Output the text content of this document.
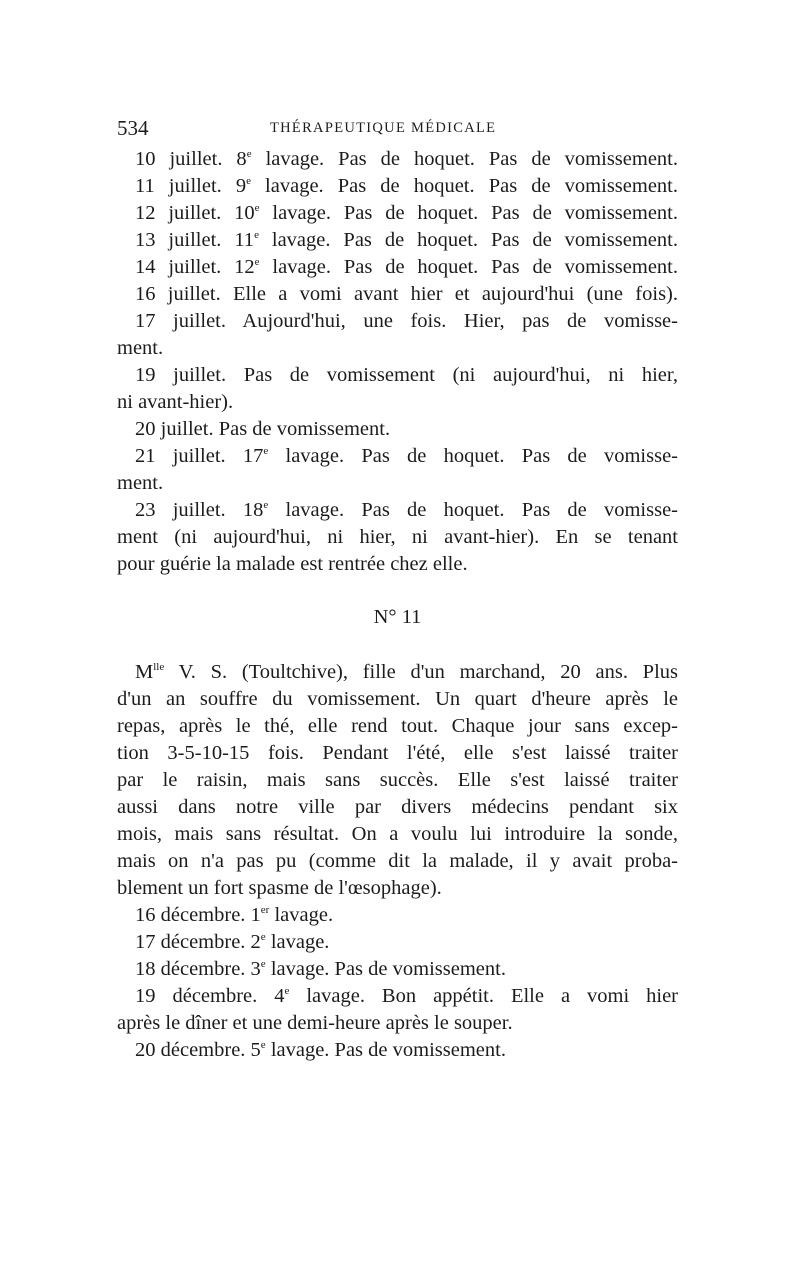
534	THÉRAPEUTIQUE MÉDICALE
10 juillet. 8e lavage. Pas de hoquet. Pas de vomissement.
11 juillet. 9e lavage. Pas de hoquet. Pas de vomissement.
12 juillet. 10e lavage. Pas de hoquet. Pas de vomissement.
13 juillet. 11e lavage. Pas de hoquet. Pas de vomissement.
14 juillet. 12e lavage. Pas de hoquet. Pas de vomissement.
16 juillet. Elle a vomi avant hier et aujourd'hui (une fois).
17 juillet. Aujourd'hui, une fois. Hier, pas de vomisse-
ment.
19 juillet. Pas de vomissement (ni aujourd'hui, ni hier,
ni avant-hier).
20 juillet. Pas de vomissement.
21 juillet. 17e lavage. Pas de hoquet. Pas de vomisse-
ment.
23 juillet. 18e lavage. Pas de hoquet. Pas de vomisse-
ment (ni aujourd'hui, ni hier, ni avant-hier). En se tenant
pour guérie la malade est rentrée chez elle.
N° 11
$M^{lle}$ V. S. (Toultchive), fille d'un marchand, 20 ans. Plus
d'un an souffre du vomissement. Un quart d'heure après le
repas, après le thé, elle rend tout. Chaque jour sans excep-
tion 3-5-10-15 fois. Pendant l'été, elle s'est laissé traiter
par le raisin, mais sans succès. Elle s'est laissé traiter
aussi dans notre ville par divers médecins pendant six
mois, mais sans résultat. On a voulu lui introduire la sonde,
mais on n'a pas pu (comme dit la malade, il y avait proba-
blement un fort spasme de l'œsophage).
16 décembre. 1er lavage.
17 décembre. 2e lavage.
18 décembre. 3e lavage. Pas de vomissement.
19 décembre. 4e lavage. Bon appétit. Elle a vomi hier
après le dîner et une demi-heure après le souper.
20 décembre. 5e lavage. Pas de vomissement.
